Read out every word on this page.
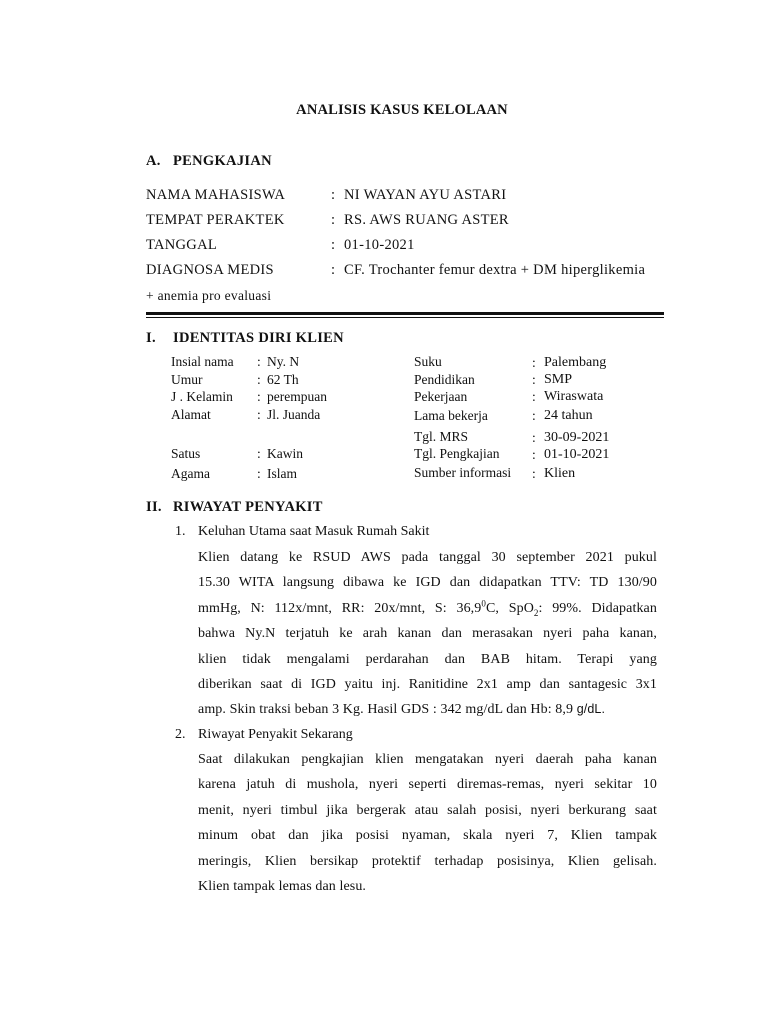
ANALISIS KASUS KELOLAAN
A. PENGKAJIAN
NAMA MAHASISWA	: NI WAYAN AYU ASTARI
TEMPAT PERAKTEK	: RS. AWS RUANG ASTER
TANGGAL	: 01-10-2021
DIAGNOSA MEDIS	: CF. Trochanter femur dextra + DM hiperglikemia
+ anemia pro evaluasi
I. IDENTITAS DIRI KLIEN
Insial nama : Ny. N
Umur	: 62 Th
J . Kelamin : perempuan
Alamat	: Jl. Juanda
Satus	: Kawin
Agama	: Islam
Suku	: Palembang
Pendidikan	: SMP
Pekerjaan	: Wiraswata
Lama bekerja	: 24 tahun
Tgl. MRS	: 30-09-2021
Tgl. Pengkajian : 01-10-2021
Sumber informasi : Klien
II. RIWAYAT PENYAKIT
1. Keluhan Utama saat Masuk Rumah Sakit
Klien datang ke RSUD AWS pada tanggal 30 september 2021 pukul
15.30 WITA langsung dibawa ke IGD dan didapatkan TTV: TD 130/90
mmHg, N: 112x/mnt, RR: 20x/mnt, S: 36,9$^0$C, SpO$_2$: 99%. Didapatkan
bahwa Ny.N terjatuh ke arah kanan dan merasakan nyeri paha kanan,
klien tidak mengalami perdarahan dan BAB hitam. Terapi yang
diberikan saat di IGD yaitu inj. Ranitidine 2x1 amp dan santagesic 3x1
amp. Skin traksi beban 3 Kg. Hasil GDS : 342 mg/dL dan Hb: 8,9 g/dL.
2. Riwayat Penyakit Sekarang
Saat dilakukan pengkajian klien mengatakan nyeri daerah paha kanan
karena jatuh di mushola, nyeri seperti diremas-remas, nyeri sekitar 10
menit, nyeri timbul jika bergerak atau salah posisi, nyeri berkurang saat
minum obat dan jika posisi nyaman, skala nyeri 7, Klien tampak
meringis, Klien bersikap protektif terhadap posisinya, Klien gelisah.
Klien tampak lemas dan lesu.
